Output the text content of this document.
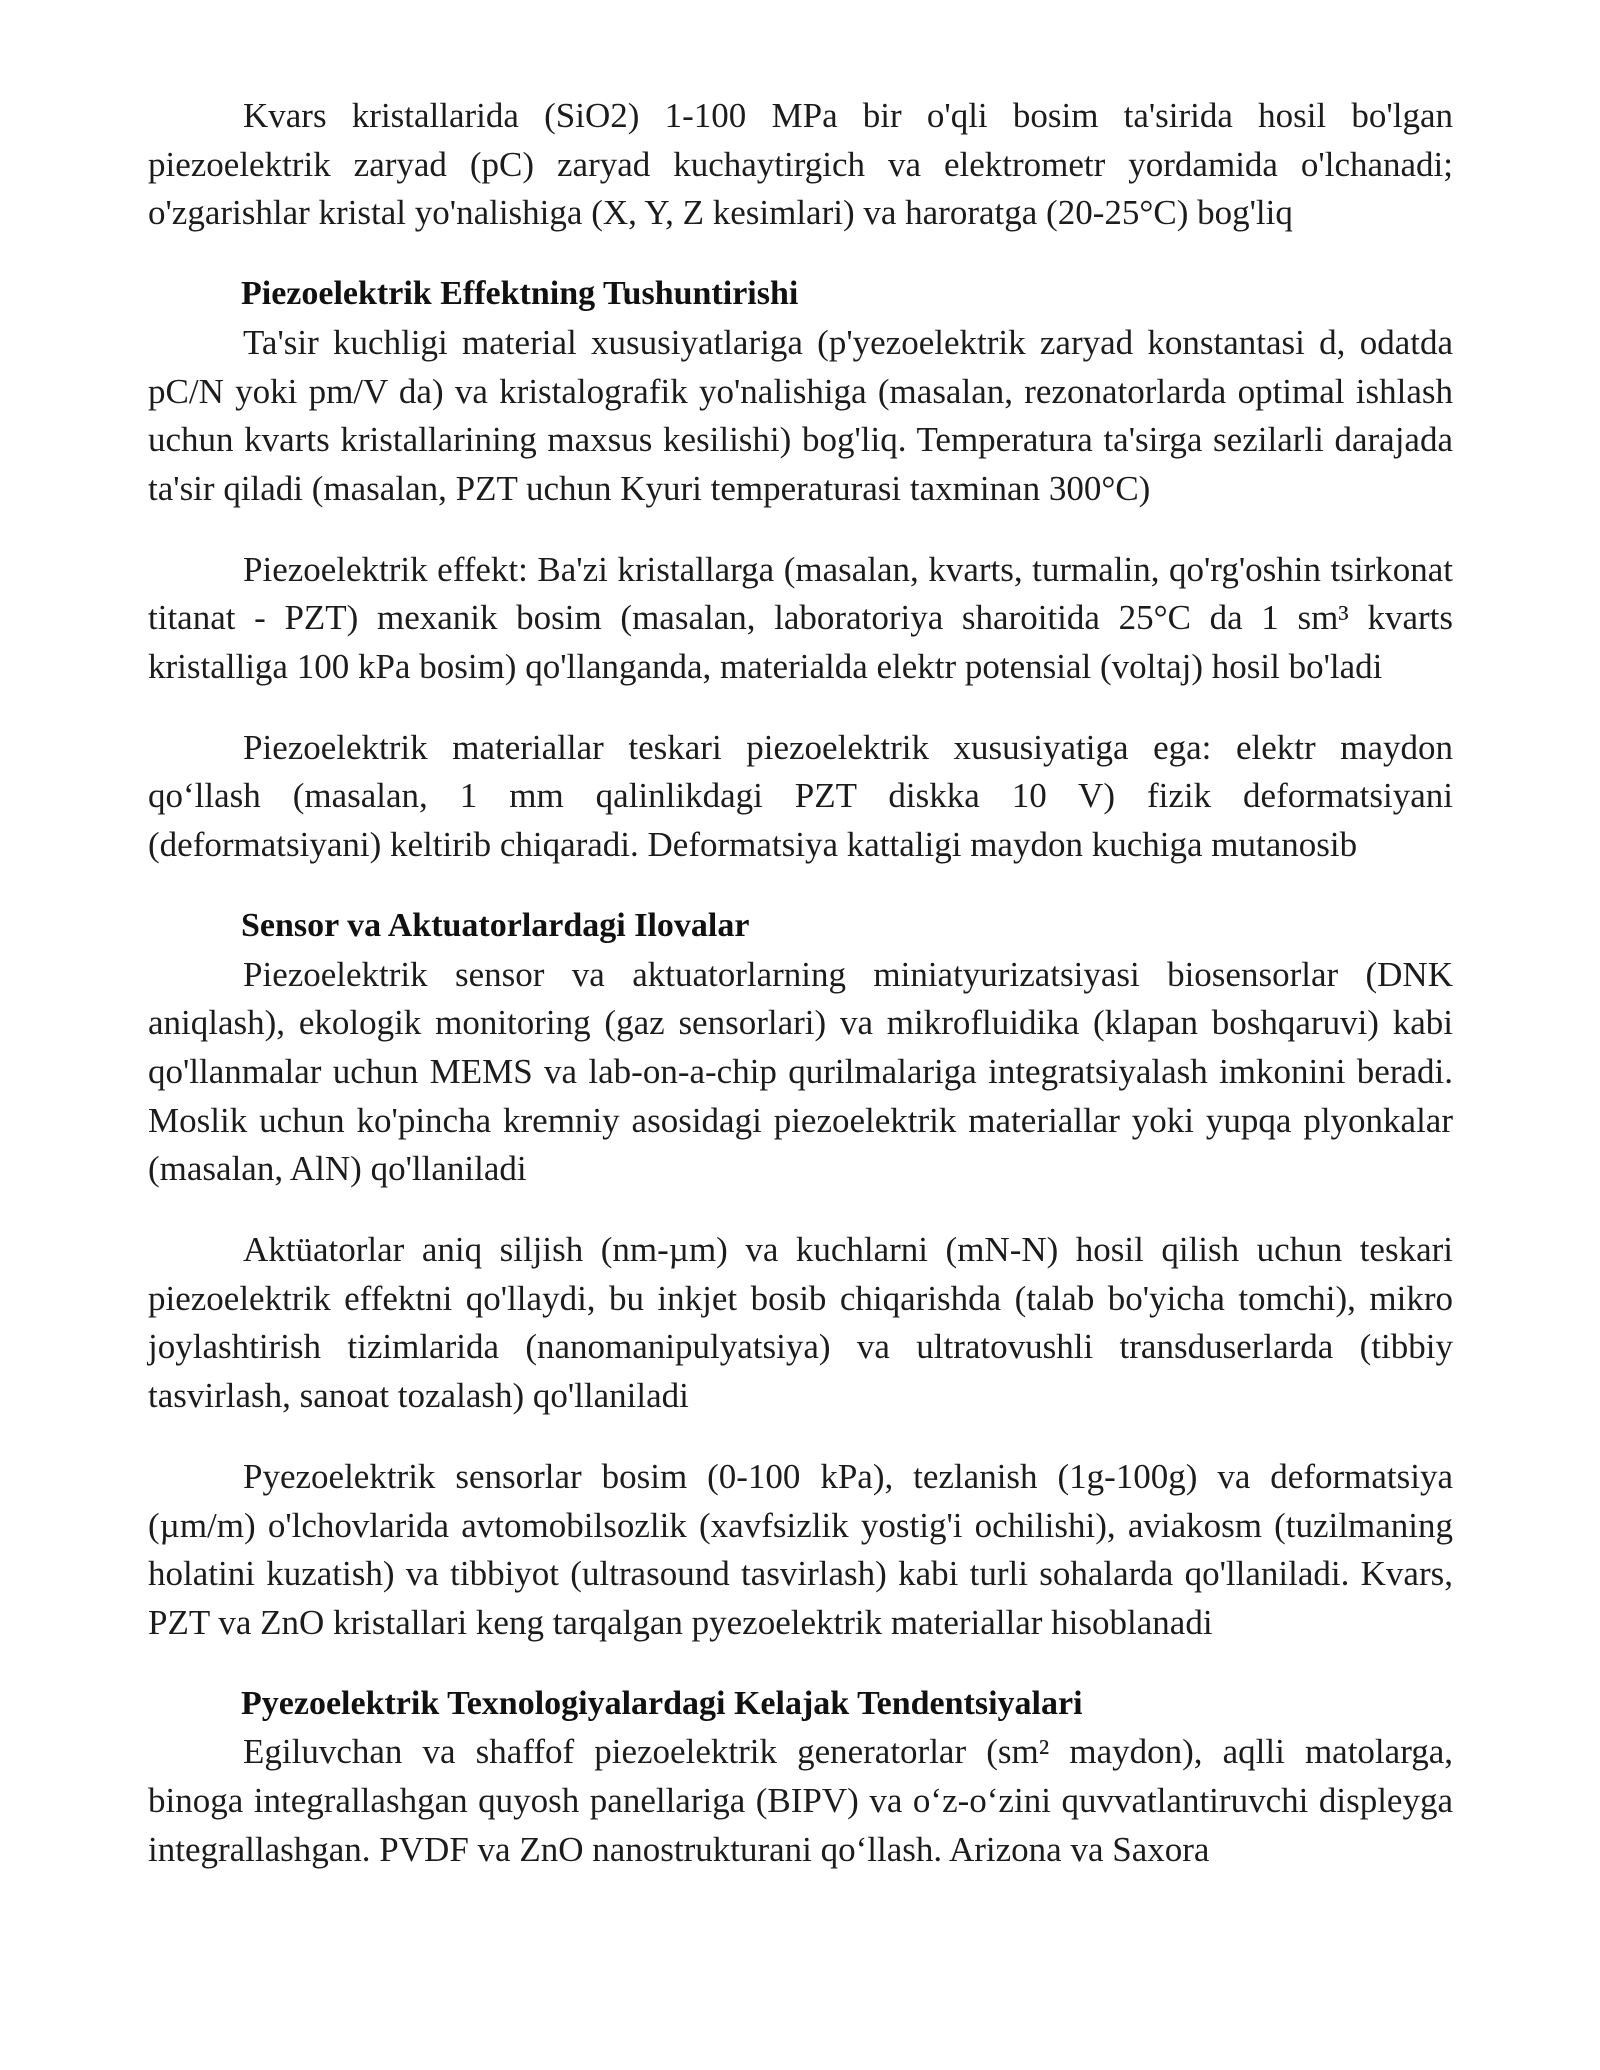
Kvars kristallarida (SiO2) 1-100 MPa bir o'qli bosim ta'sirida hosil bo'lgan piezoelektrik zaryad (pC) zaryad kuchaytirgich va elektrometr yordamida o'lchanadi; o'zgarishlar kristal yo'nalishiga (X, Y, Z kesimlari) va haroratga (20-25°C) bog'liq

Piezoelektrik Effektning Tushuntirishi

Ta'sir kuchligi material xususiyatlariga (p'yezoelektrik zaryad konstantasi d, odatda pC/N yoki pm/V da) va kristalografik yo'nalishiga (masalan, rezonatorlarda optimal ishlash uchun kvarts kristallarining maxsus kesilishi) bog'liq. Temperatura ta'sirga sezilarli darajada ta'sir qiladi (masalan, PZT uchun Kyuri temperaturasi taxminan 300°C)

Piezoelektrik effekt: Ba'zi kristallarga (masalan, kvarts, turmalin, qo'rg'oshin tsirkonat titanat - PZT) mexanik bosim (masalan, laboratoriya sharoitida 25°C da 1 sm³ kvarts kristalliga 100 kPa bosim) qo'llanganda, materialda elektr potensial (voltaj) hosil bo'ladi

Piezoelektrik materiallar teskari piezoelektrik xususiyatiga ega: elektr maydon qo‘llash (masalan, 1 mm qalinlikdagi PZT diskka 10 V) fizik deformatsiyani (deformatsiyani) keltirib chiqaradi. Deformatsiya kattaligi maydon kuchiga mutanosib

Sensor va Aktuatorlardagi Ilovalar

Piezoelektrik sensor va aktuatorlarning miniatyurizatsiyasi biosensorlar (DNK aniqlash), ekologik monitoring (gaz sensorlari) va mikrofluidika (klapan boshqaruvi) kabi qo'llanmalar uchun MEMS va lab-on-a-chip qurilmalariga integratsiyalash imkonini beradi. Moslik uchun ko'pincha kremniy asosidagi piezoelektrik materiallar yoki yupqa plyonkalar (masalan, AlN) qo'llaniladi

Aktüatorlar aniq siljish (nm-µm) va kuchlarni (mN-N) hosil qilish uchun teskari piezoelektrik effektni qo'llaydi, bu inkjet bosib chiqarishda (talab bo'yicha tomchi), mikro joylashtirish tizimlarida (nanomanipulyatsiya) va ultratovushli transduserlarda (tibbiy tasvirlash, sanoat tozalash) qo'llaniladi

Pyezoelektrik sensorlar bosim (0-100 kPa), tezlanish (1g-100g) va deformatsiya (µm/m) o'lchovlarida avtomobilsozlik (xavfsizlik yostig'i ochilishi), aviakosm (tuzilmaning holatini kuzatish) va tibbiyot (ultrasound tasvirlash) kabi turli sohalarda qo'llaniladi. Kvars, PZT va ZnO kristallari keng tarqalgan pyezoelektrik materiallar hisoblanadi

Pyezoelektrik Texnologiyalardagi Kelajak Tendentsiyalari

Egiluvchan va shaffof piezoelektrik generatorlar (sm² maydon), aqlli matolarga, binoga integrallashgan quyosh panellariga (BIPV) va o‘z-o‘zini quvvatlantiruvchi displeyga integrallashgan. PVDF va ZnO nanostrukturani qo‘llash. Arizona va Saxora
